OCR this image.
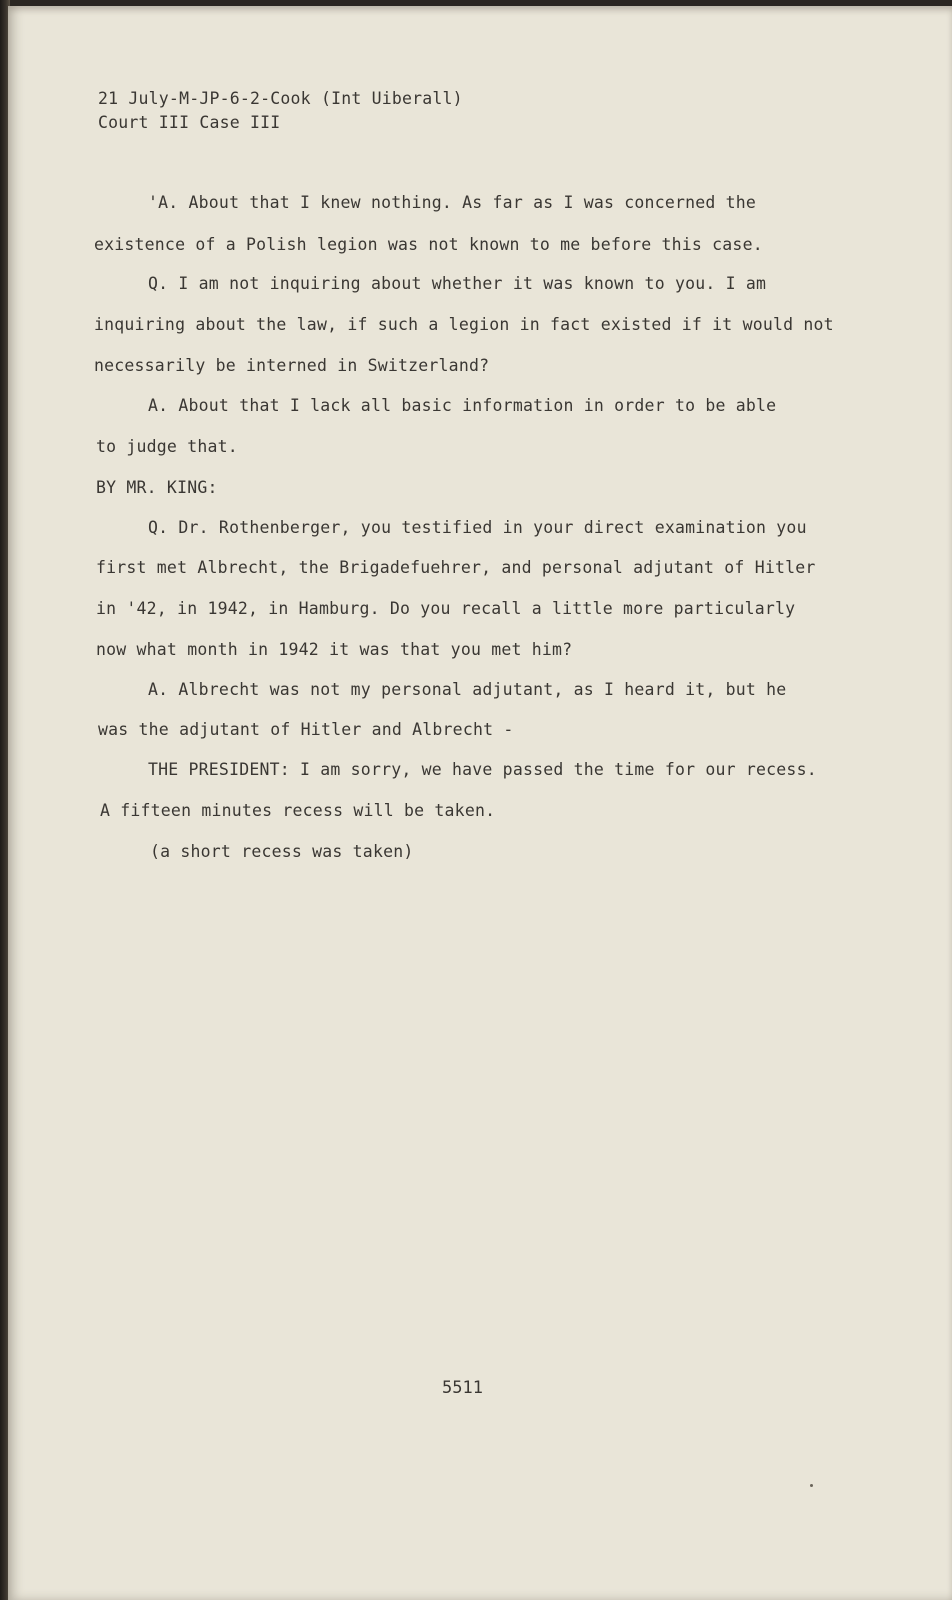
21 July-M-JP-6-2-Cook (Int Uiberall)
Court III Case III
'A. About that I knew nothing. As far as I was concerned the
existence of a Polish legion was not known to me before this case.
Q. I am not inquiring about whether it was known to you. I am
inquiring about the law, if such a legion in fact existed if it would not
necessarily be interned in Switzerland?
A. About that I lack all basic information in order to be able
to judge that.
BY MR. KING:
Q. Dr. Rothenberger, you testified in your direct examination you
first met Albrecht, the Brigadefuehrer, and personal adjutant of Hitler
in '42, in 1942, in Hamburg. Do you recall a little more particularly
now what month in 1942 it was that you met him?
A. Albrecht was not my personal adjutant, as I heard it, but he
was the adjutant of Hitler and Albrecht -
THE PRESIDENT: I am sorry, we have passed the time for our recess.
A fifteen minutes recess will be taken.
(a short recess was taken)
5511
